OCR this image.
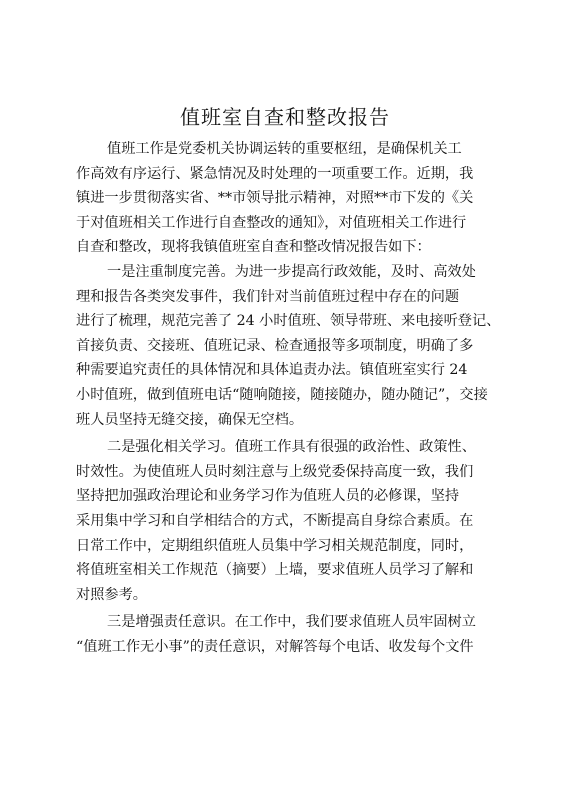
值班室自查和整改报告
值班工作是党委机关协调运转的重要枢纽，是确保机关工
作高效有序运行、紧急情况及时处理的一项重要工作。近期，我
镇进一步贯彻落实省、**市领导批示精神，对照**市下发的《关
于对值班相关工作进行自查整改的通知》，对值班相关工作进行
自查和整改，现将我镇值班室自查和整改情况报告如下：
一是注重制度完善。为进一步提高行政效能，及时、高效处
理和报告各类突发事件，我们针对当前值班过程中存在的问题
进行了梳理，规范完善了 24 小时值班、领导带班、来电接听登记、
首接负责、交接班、值班记录、检查通报等多项制度，明确了多
种需要追究责任的具体情况和具体追责办法。镇值班室实行 24
小时值班，做到值班电话“随响随接，随接随办，随办随记”，交接
班人员坚持无缝交接，确保无空档。
二是强化相关学习。值班工作具有很强的政治性、政策性、
时效性。为使值班人员时刻注意与上级党委保持高度一致，我们
坚持把加强政治理论和业务学习作为值班人员的必修课，坚持
采用集中学习和自学相结合的方式，不断提高自身综合素质。在
日常工作中，定期组织值班人员集中学习相关规范制度，同时，
将值班室相关工作规范（摘要）上墙，要求值班人员学习了解和
对照参考。
三是增强责任意识。在工作中，我们要求值班人员牢固树立
“值班工作无小事”的责任意识，对解答每个电话、收发每个文件
